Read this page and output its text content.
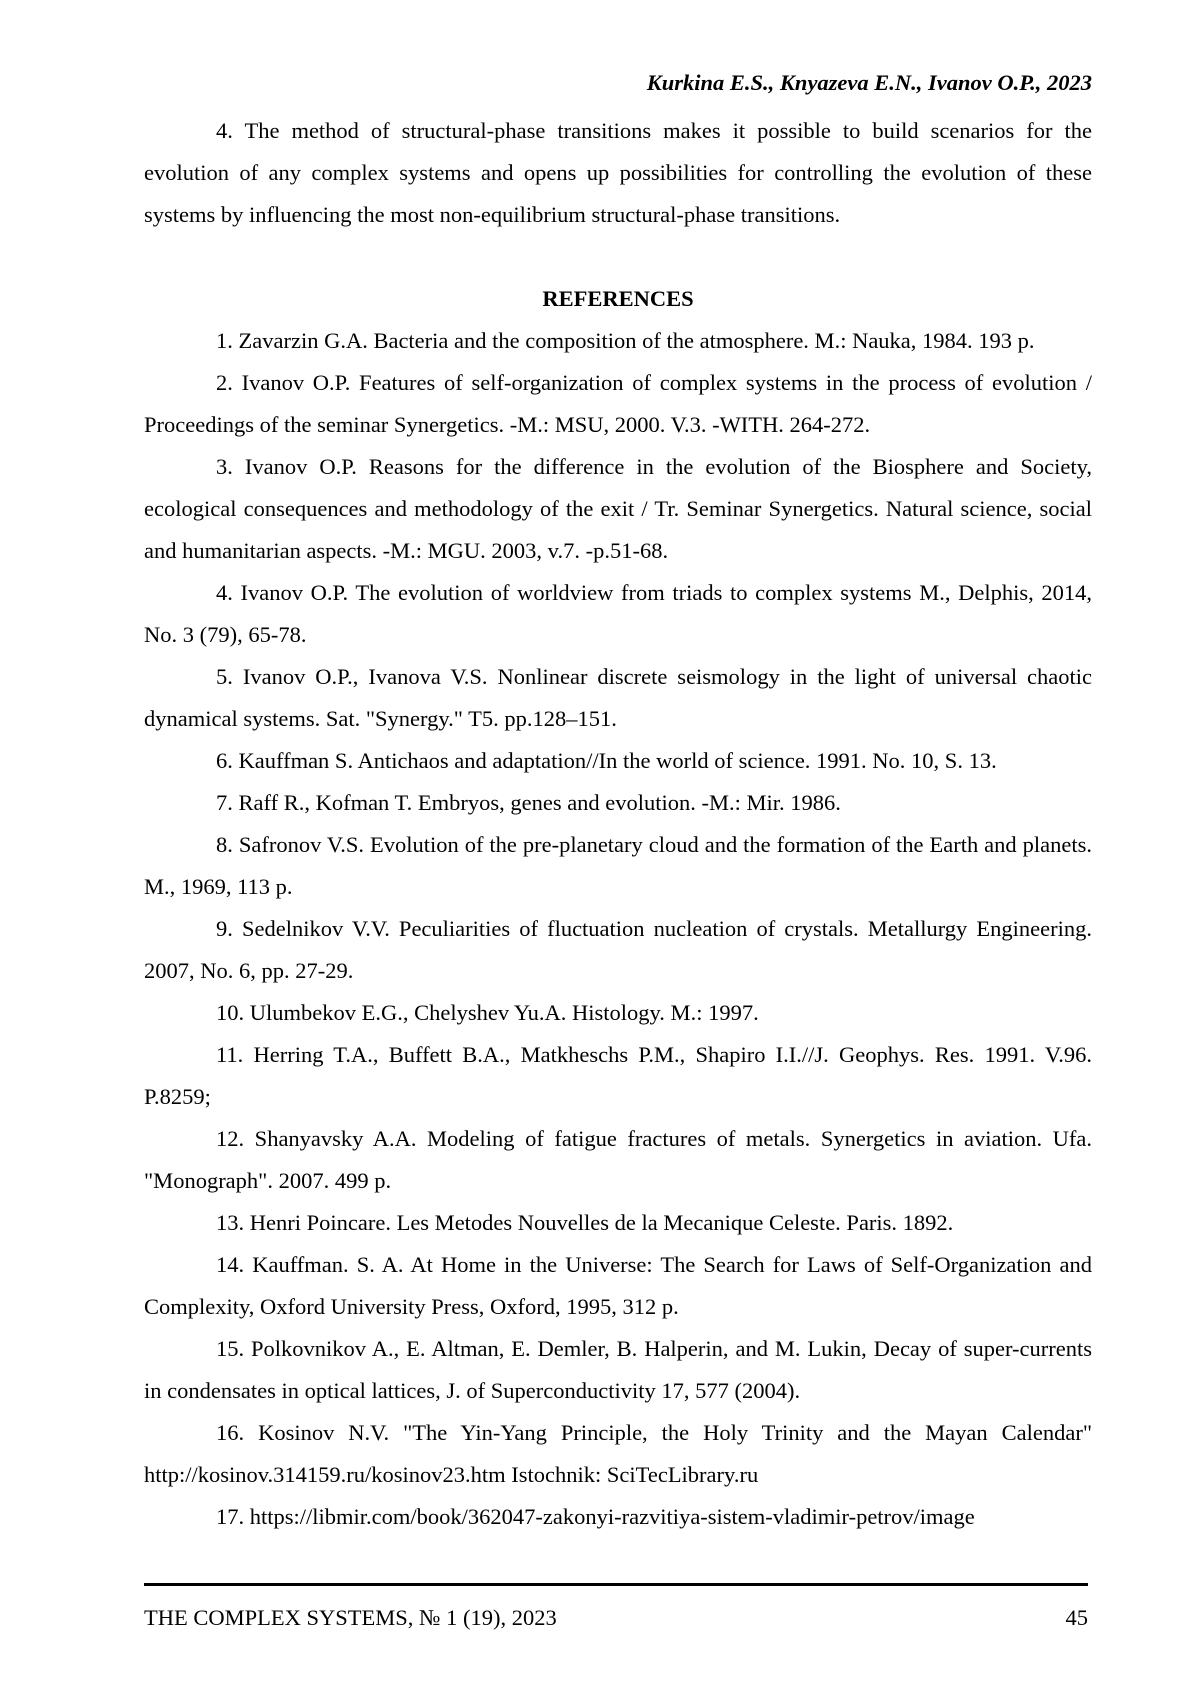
Kurkina E.S., Knyazeva E.N., Ivanov O.P., 2023

4. The method of structural-phase transitions makes it possible to build scenarios for the evolution of any complex systems and opens up possibilities for controlling the evolution of these systems by influencing the most non-equilibrium structural-phase transitions.

REFERENCES

1. Zavarzin G.A. Bacteria and the composition of the atmosphere. M.: Nauka, 1984. 193 p.

2. Ivanov O.P. Features of self-organization of complex systems in the process of evolution / Proceedings of the seminar Synergetics. -M.: MSU, 2000. V.3. -WITH. 264-272.

3. Ivanov O.P. Reasons for the difference in the evolution of the Biosphere and Society, ecological consequences and methodology of the exit / Tr. Seminar Synergetics. Natural science, social and humanitarian aspects. -M.: MGU. 2003, v.7. -p.51-68.

4. Ivanov O.P. The evolution of worldview from triads to complex systems M., Delphis, 2014, No. 3 (79), 65-78.

5. Ivanov O.P., Ivanova V.S. Nonlinear discrete seismology in the light of universal chaotic dynamical systems. Sat. "Synergy." T5. pp.128–151.

6. Kauffman S. Antichaos and adaptation//In the world of science. 1991. No. 10, S. 13.

7. Raff R., Kofman T. Embryos, genes and evolution. -M.: Mir. 1986.

8. Safronov V.S. Evolution of the pre-planetary cloud and the formation of the Earth and planets. M., 1969, 113 p.

9. Sedelnikov V.V. Peculiarities of fluctuation nucleation of crystals. Metallurgy Engineering. 2007, No. 6, pp. 27-29.

10. Ulumbekov E.G., Chelyshev Yu.A. Histology. M.: 1997.

11. Herring T.A., Buffett B.A., Matkheschs P.M., Shapiro I.I.//J. Geophys. Res. 1991. V.96. P.8259;

12. Shanyavsky A.A. Modeling of fatigue fractures of metals. Synergetics in aviation. Ufa. "Monograph". 2007. 499 p.

13. Henri Poincare. Les Metodes Nouvelles de la Mecanique Celeste. Paris. 1892.

14. Kauffman. S. A. At Home in the Universe: The Search for Laws of Self-Organization and Complexity, Oxford University Press, Oxford, 1995, 312 p.

15. Polkovnikov A., E. Altman, E. Demler, B. Halperin, and M. Lukin, Decay of super-currents in condensates in optical lattices, J. of Superconductivity 17, 577 (2004).

16. Kosinov N.V. "The Yin-Yang Principle, the Holy Trinity and the Mayan Calendar" http://kosinov.314159.ru/kosinov23.htm Istochnik: SciTecLibrary.ru

17. https://libmir.com/book/362047-zakonyi-razvitiya-sistem-vladimir-petrov/image

THE COMPLEX SYSTEMS, № 1 (19), 2023	45
